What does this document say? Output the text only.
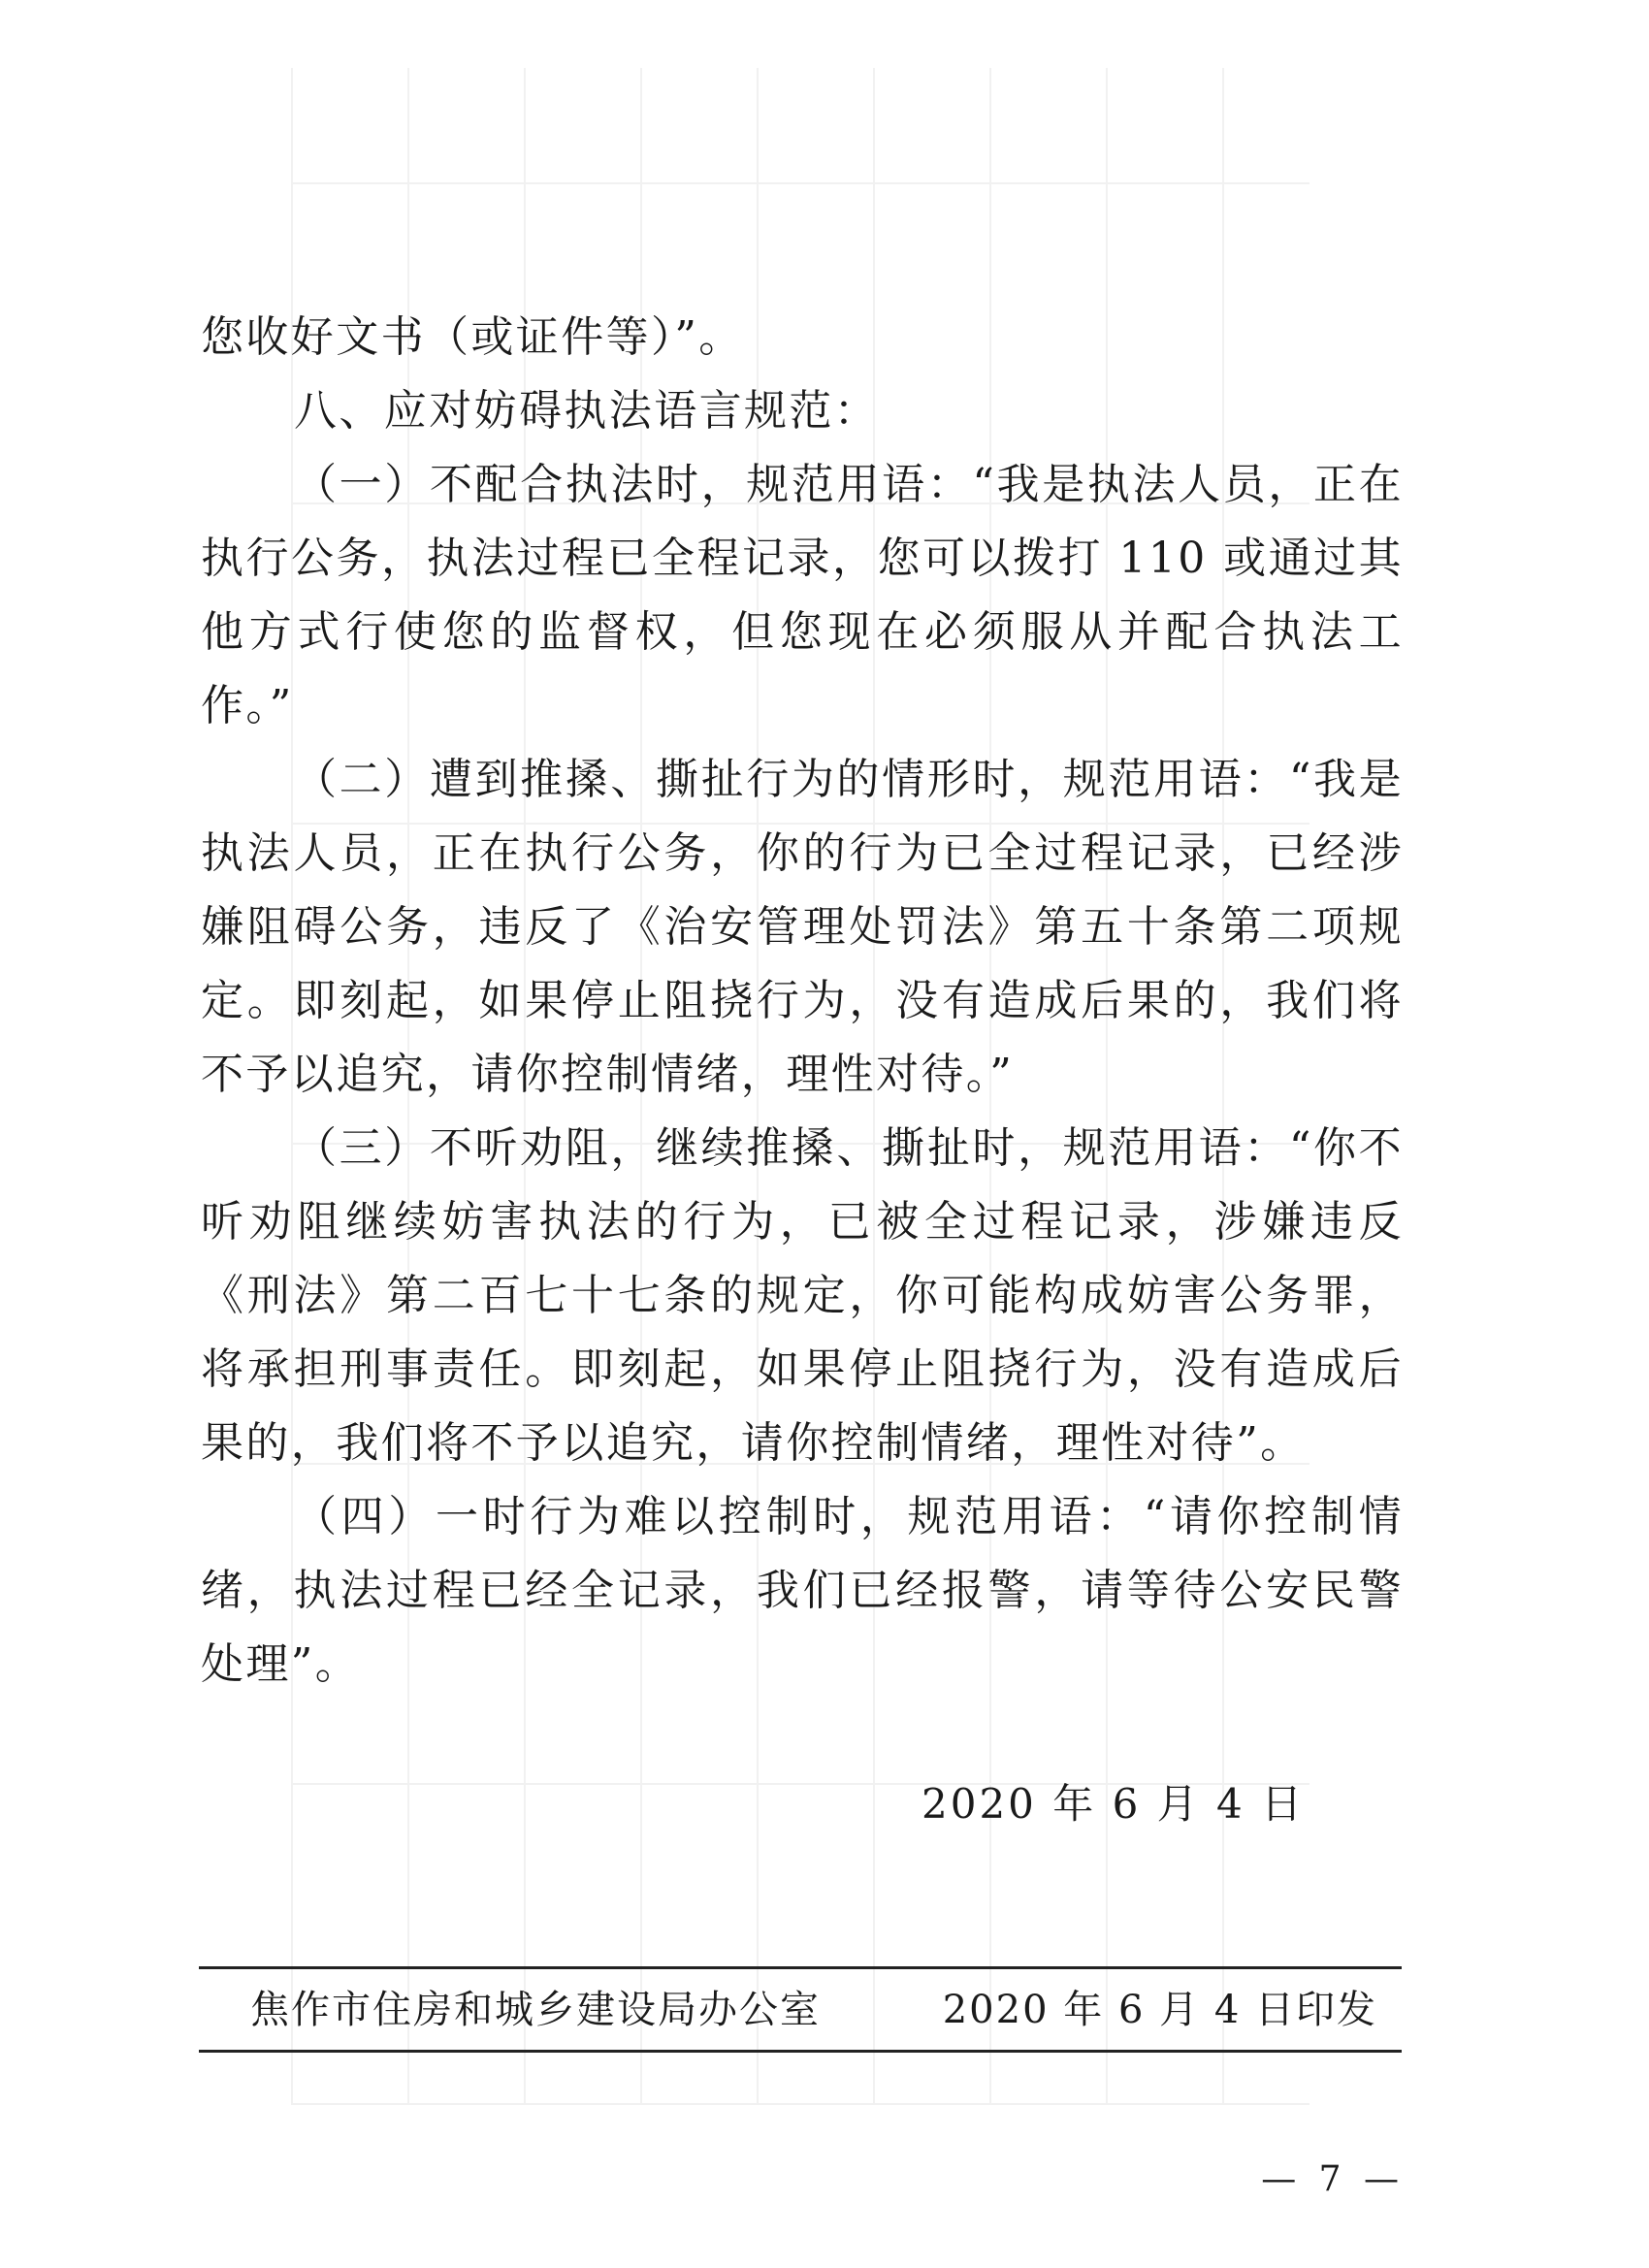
您收好文书（或证件等）”。

八、应对妨碍执法语言规范：

（一）不配合执法时，规范用语：“我是执法人员，正在执行公务，执法过程已全程记录，您可以拨打 110 或通过其他方式行使您的监督权，但您现在必须服从并配合执法工作。”

（二）遭到推搡、撕扯行为的情形时，规范用语：“我是执法人员，正在执行公务，你的行为已全过程记录，已经涉嫌阻碍公务，违反了《治安管理处罚法》第五十条第二项规定。即刻起，如果停止阻挠行为，没有造成后果的，我们将不予以追究，请你控制情绪，理性对待。”

（三）不听劝阻，继续推搡、撕扯时，规范用语：“你不听劝阻继续妨害执法的行为，已被全过程记录，涉嫌违反《刑法》第二百七十七条的规定，你可能构成妨害公务罪，将承担刑事责任。即刻起，如果停止阻挠行为，没有造成后果的，我们将不予以追究，请你控制情绪，理性对待”。

（四）一时行为难以控制时，规范用语：“请你控制情绪，执法过程已经全记录，我们已经报警，请等待公安民警处理”。

2020 年 6 月 4 日
焦作市住房和城乡建设局办公室	2020 年 6 月 4 日印发
— 7 —
